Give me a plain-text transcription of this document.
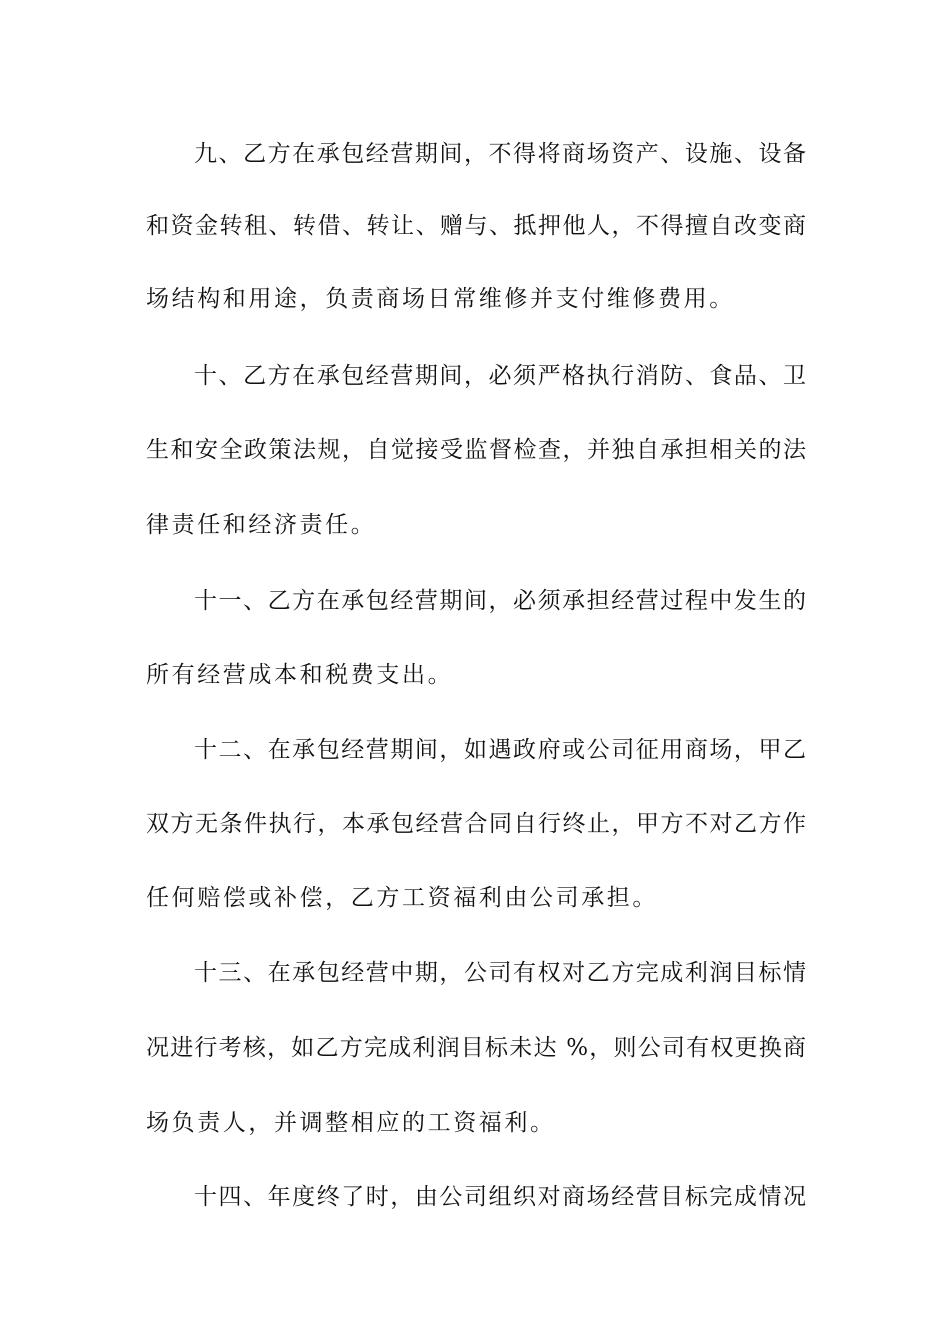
九、乙方在承包经营期间，不得将商场资产、设施、设备
和资金转租、转借、转让、赠与、抵押他人，不得擅自改变商
场结构和用途，负责商场日常维修并支付维修费用。
十、乙方在承包经营期间，必须严格执行消防、食品、卫
生和安全政策法规，自觉接受监督检查，并独自承担相关的法
律责任和经济责任。
十一、乙方在承包经营期间，必须承担经营过程中发生的
所有经营成本和税费支出。
十二、在承包经营期间，如遇政府或公司征用商场，甲乙
双方无条件执行，本承包经营合同自行终止，甲方不对乙方作
任何赔偿或补偿，乙方工资福利由公司承担。
十三、在承包经营中期，公司有权对乙方完成利润目标情
况进行考核，如乙方完成利润目标未达 %，则公司有权更换商
场负责人，并调整相应的工资福利。
十四、年度终了时，由公司组织对商场经营目标完成情况
